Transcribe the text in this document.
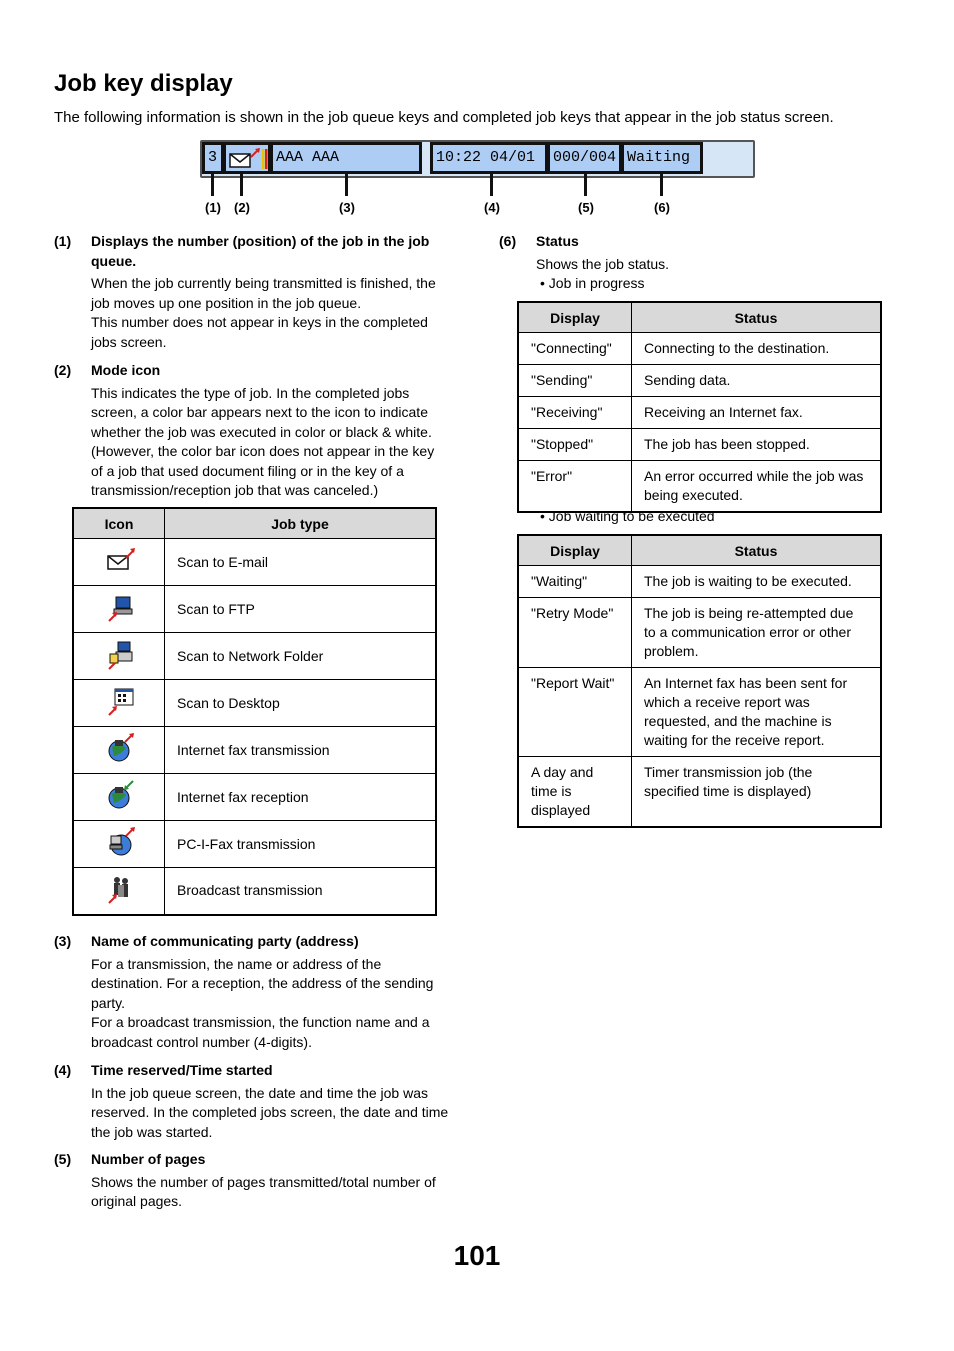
Job key display
The following information is shown in the job queue keys and completed job keys that appear in the job status screen.
3	AAA AAA	10:22 04/01	000/004 Waiting
(1) (2)	(3)	(4)	(5)	(6)
(1)	Displays the number (position) of the job in the job queue.

When the job currently being transmitted is finished, the job moves up one position in the job queue.

This number does not appear in keys in the completed jobs screen.

(2)	Mode icon

This indicates the type of job. In the completed jobs screen, a color bar appears next to the icon to indicate whether the job was executed in color or black & white. (However, the color bar icon does not appear in the key of a job that used document filing or in the key of a transmission/reception job that was canceled.)

Icon	Job type
	Scan to E-mail
	Scan to FTP
	Scan to Network Folder
	Scan to Desktop
	Internet fax transmission
	Internet fax reception
	PC-I-Fax transmission
	Broadcast transmission
(3)	Name of communicating party (address)

For a transmission, the name or address of the destination. For a reception, the address of the sending party.

For a broadcast transmission, the function name and a broadcast control number (4-digits).

(4)	Time reserved/Time started

In the job queue screen, the date and time the job was reserved. In the completed jobs screen, the date and time the job was started.

(5)	Number of pages

Shows the number of pages transmitted/total number of original pages.

(6)	Status

Shows the job status.

• Job in progress

Display	Status
"Connecting"	Connecting to the destination.
"Sending"	Sending data.
"Receiving"	Receiving an Internet fax.
"Stopped"	The job has been stopped.
"Error"	An error occurred while the job was being executed.
• Job waiting to be executed
Display	Status
"Waiting"	The job is waiting to be executed.
"Retry Mode"	The job is being re-attempted due to a communication error or other problem.
"Report Wait"	An Internet fax has been sent for which a receive report was requested, and the machine is waiting for the receive report.
A day and time is displayed	Timer transmission job (the specified time is displayed)
101
